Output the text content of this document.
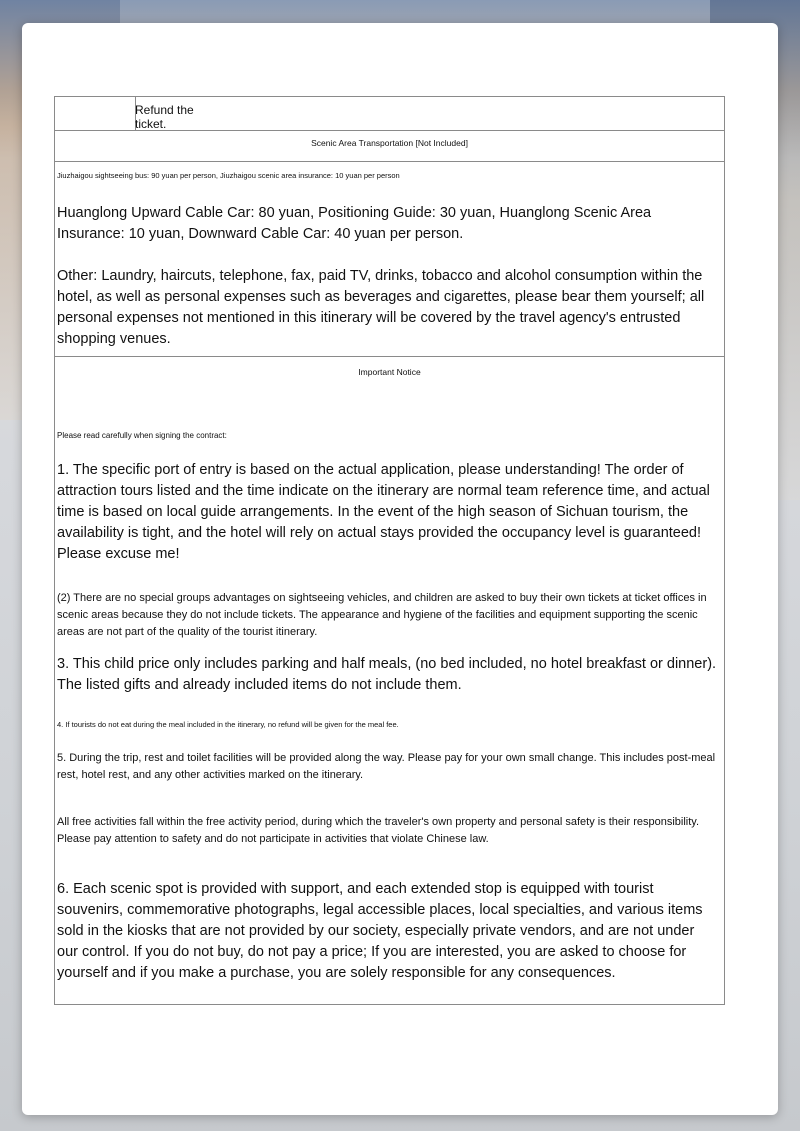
Refund the ticket.
Scenic Area Transportation [Not Included]
Jiuzhaigou sightseeing bus: 90 yuan per person, Jiuzhaigou scenic area insurance: 10 yuan per person
Huanglong Upward Cable Car: 80 yuan, Positioning Guide: 30 yuan, Huanglong Scenic Area Insurance: 10 yuan, Downward Cable Car: 40 yuan per person.
Other: Laundry, haircuts, telephone, fax, paid TV, drinks, tobacco and alcohol consumption within the hotel, as well as personal expenses such as beverages and cigarettes, please bear them yourself; all personal expenses not mentioned in this itinerary will be covered by the travel agency's entrusted shopping venues.
Important Notice
Please read carefully when signing the contract:
1. The specific port of entry is based on the actual application, please understanding! The order of attraction tours listed and the time indicate on the itinerary are normal team reference time, and actual time is based on local guide arrangements. In the event of the high season of Sichuan tourism, the availability is tight, and the hotel will rely on actual stays provided the occupancy level is guaranteed! Please excuse me!
(2) There are no special groups advantages on sightseeing vehicles, and children are asked to buy their own tickets at ticket offices in scenic areas because they do not include tickets. The appearance and hygiene of the facilities and equipment supporting the scenic areas are not part of the quality of the tourist itinerary.
3. This child price only includes parking and half meals, (no bed included, no hotel breakfast or dinner). The listed gifts and already included items do not include them.
4. If tourists do not eat during the meal included in the itinerary, no refund will be given for the meal fee.
5. During the trip, rest and toilet facilities will be provided along the way. Please pay for your own small change. This includes post-meal rest, hotel rest, and any other activities marked on the itinerary.
All free activities fall within the free activity period, during which the traveler's own property and personal safety is their responsibility. Please pay attention to safety and do not participate in activities that violate Chinese law.
6. Each scenic spot is provided with support, and each extended stop is equipped with tourist souvenirs, commemorative photographs, legal accessible places, local specialties, and various items sold in the kiosks that are not provided by our society, especially private vendors, and are not under our control. If you do not buy, do not pay a price; If you are interested, you are asked to choose for yourself and if you make a purchase, you are solely responsible for any consequences.
